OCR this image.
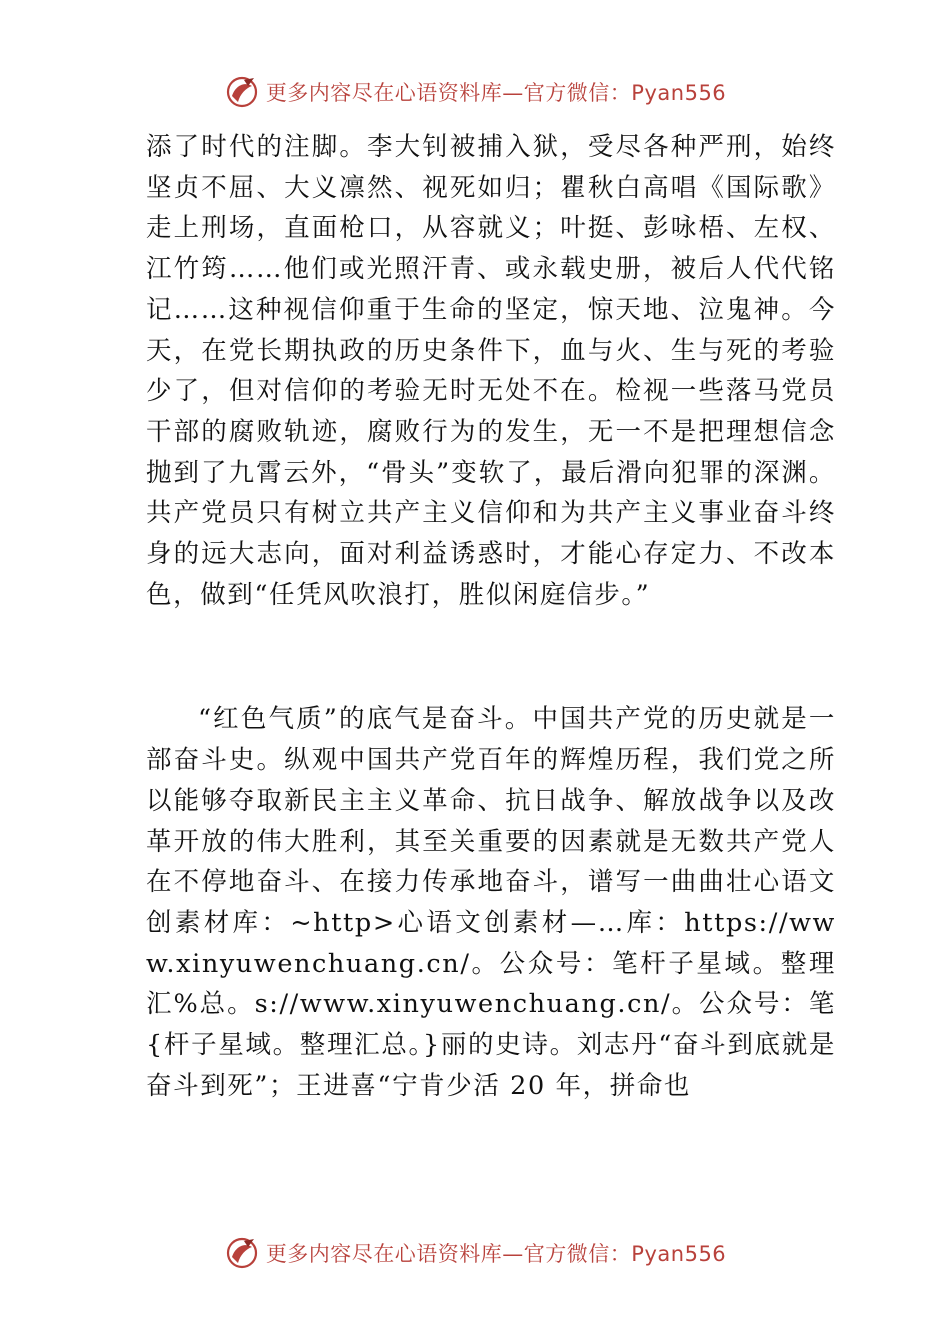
更多内容尽在心语资料库—官方微信：Pyan556

添了时代的注脚。李大钊被捕入狱，受尽各种严刑，始终坚贞不屈、大义凛然、视死如归；瞿秋白高唱《国际歌》走上刑场，直面枪口，从容就义；叶挺、彭咏梧、左权、江竹筠……他们或光照汗青、或永载史册，被后人代代铭记……这种视信仰重于生命的坚定，惊天地、泣鬼神。今天，在党长期执政的历史条件下，血与火、生与死的考验少了，但对信仰的考验无时无处不在。检视一些落马党员干部的腐败轨迹，腐败行为的发生，无一不是把理想信念抛到了九霄云外，“骨头”变软了，最后滑向犯罪的深渊。共产党员只有树立共产主义信仰和为共产主义事业奋斗终身的远大志向，面对利益诱惑时，才能心存定力、不改本色，做到“任凭风吹浪打，胜似闲庭信步。”

“红色气质”的底气是奋斗。中国共产党的历史就是一部奋斗史。纵观中国共产党百年的辉煌历程，我们党之所以能够夺取新民主主义革命、抗日战争、解放战争以及改革开放的伟大胜利，其至关重要的因素就是无数共产党人在不停地奋斗、在接力传承地奋斗，谱写一曲曲壮心语文创素材库：~http>心语文创素材—…库：https://www.xinyuwenchuang.cn/。公众号：笔杆子星域。整理汇%总。s://www.xinyuwenchuang.cn/。公众号：笔{杆子星域。整理汇总。}丽的史诗。刘志丹“奋斗到底就是奋斗到死”；王进喜“宁肯少活 20 年，拼命也

更多内容尽在心语资料库—官方微信：Pyan556
